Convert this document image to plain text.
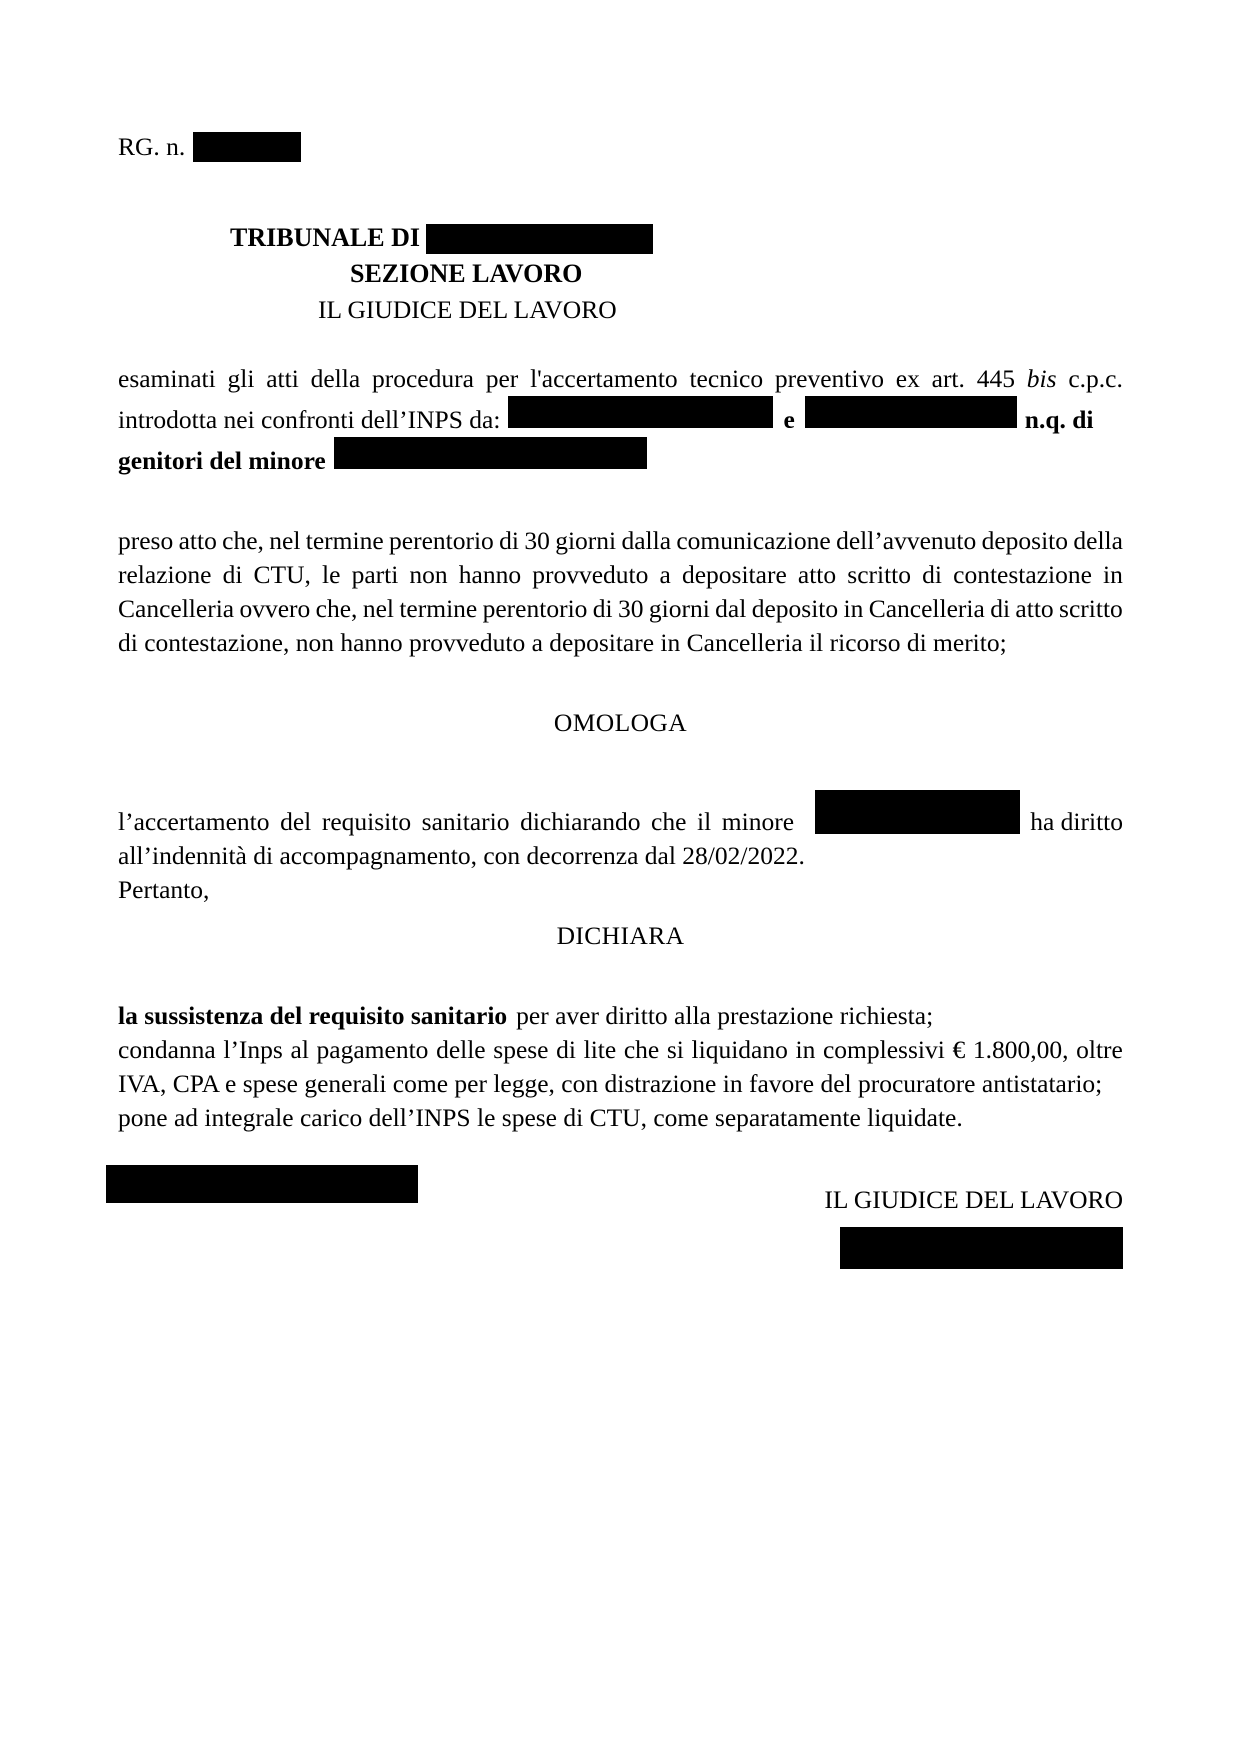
RG. n.
TRIBUNALE DI
SEZIONE LAVORO
IL GIUDICE DEL LAVORO
esaminati gli atti della procedura per l'accertamento tecnico preventivo ex art. 445 bis c.p.c.
introdotta nei confronti dell’INPS da:	e	n.q. di
genitori del minore
preso atto che, nel termine perentorio di 30 giorni dalla comunicazione dell’avvenuto deposito della
relazione di CTU, le parti non hanno provveduto a depositare atto scritto di contestazione in
Cancelleria ovvero che, nel termine perentorio di 30 giorni dal deposito in Cancelleria di atto scritto
di contestazione, non hanno provveduto a depositare in Cancelleria il ricorso di merito;
OMOLOGA
l’accertamento del requisito sanitario dichiarando che il minore	ha diritto
all’indennità di accompagnamento, con decorrenza dal 28/02/2022.
Pertanto,
DICHIARA
la sussistenza del requisito sanitario per aver diritto alla prestazione richiesta;
condanna l’Inps al pagamento delle spese di lite che si liquidano in complessivi € 1.800,00, oltre
IVA, CPA e spese generali come per legge, con distrazione in favore del procuratore antistatario;
pone ad integrale carico dell’INPS le spese di CTU, come separatamente liquidate.
IL GIUDICE DEL LAVORO
